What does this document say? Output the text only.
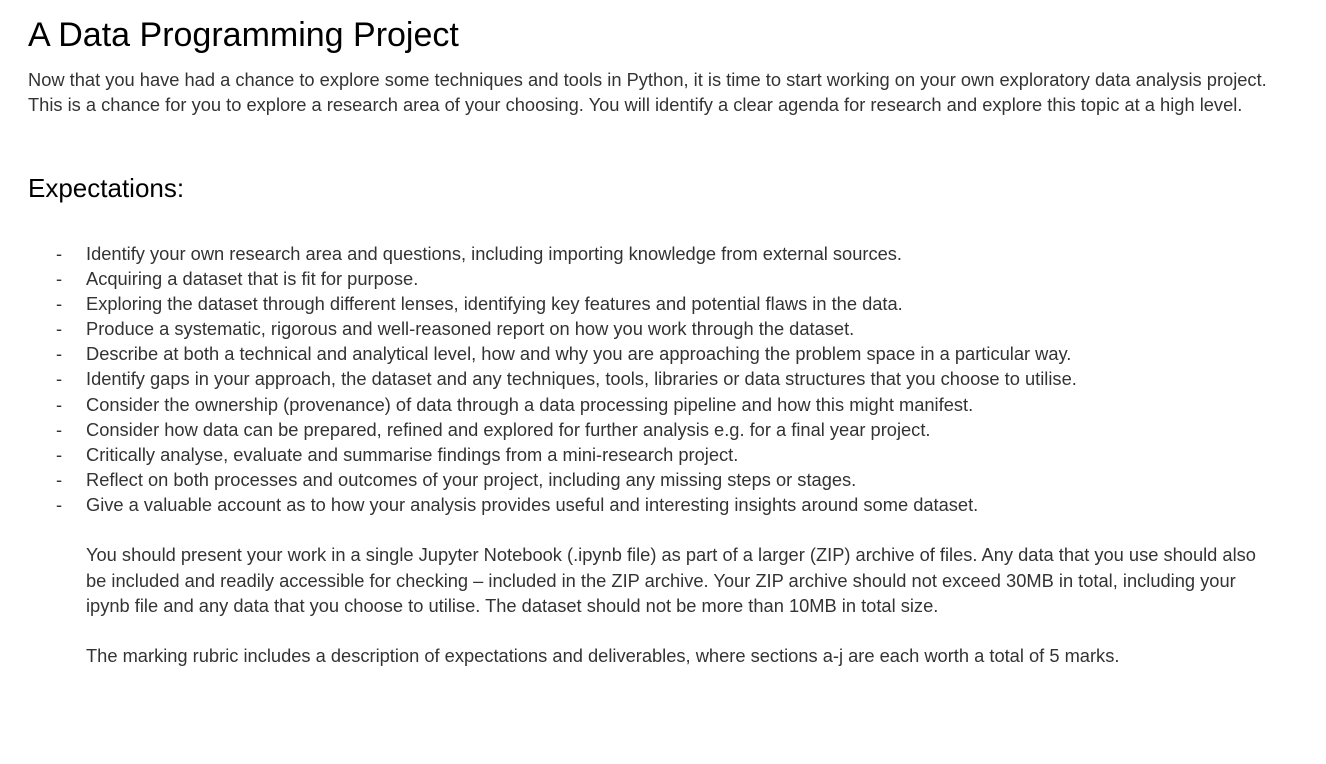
A Data Programming Project

Now that you have had a chance to explore some techniques and tools in Python, it is time to start working on your own exploratory data analysis project.

This is a chance for you to explore a research area of your choosing. You will identify a clear agenda for research and explore this topic at a high level.

Expectations:
- Identify your own research area and questions, including importing knowledge from external sources.
- Acquiring a dataset that is fit for purpose.
- Exploring the dataset through different lenses, identifying key features and potential flaws in the data.
- Produce a systematic, rigorous and well-reasoned report on how you work through the dataset.
- Describe at both a technical and analytical level, how and why you are approaching the problem space in a particular way.
- Identify gaps in your approach, the dataset and any techniques, tools, libraries or data structures that you choose to utilise.
- Consider the ownership (provenance) of data through a data processing pipeline and how this might manifest.
- Consider how data can be prepared, refined and explored for further analysis e.g. for a final year project.
- Critically analyse, evaluate and summarise findings from a mini-research project.
- Reflect on both processes and outcomes of your project, including any missing steps or stages.
- Give a valuable account as to how your analysis provides useful and interesting insights around some dataset.

You should present your work in a single Jupyter Notebook (.ipynb file) as part of a larger (ZIP) archive of files. Any data that you use should also
be included and readily accessible for checking – included in the ZIP archive. Your ZIP archive should not exceed 30MB in total, including your
ipynb file and any data that you choose to utilise. The dataset should not be more than 10MB in total size.

The marking rubric includes a description of expectations and deliverables, where sections a-j are each worth a total of 5 marks.
